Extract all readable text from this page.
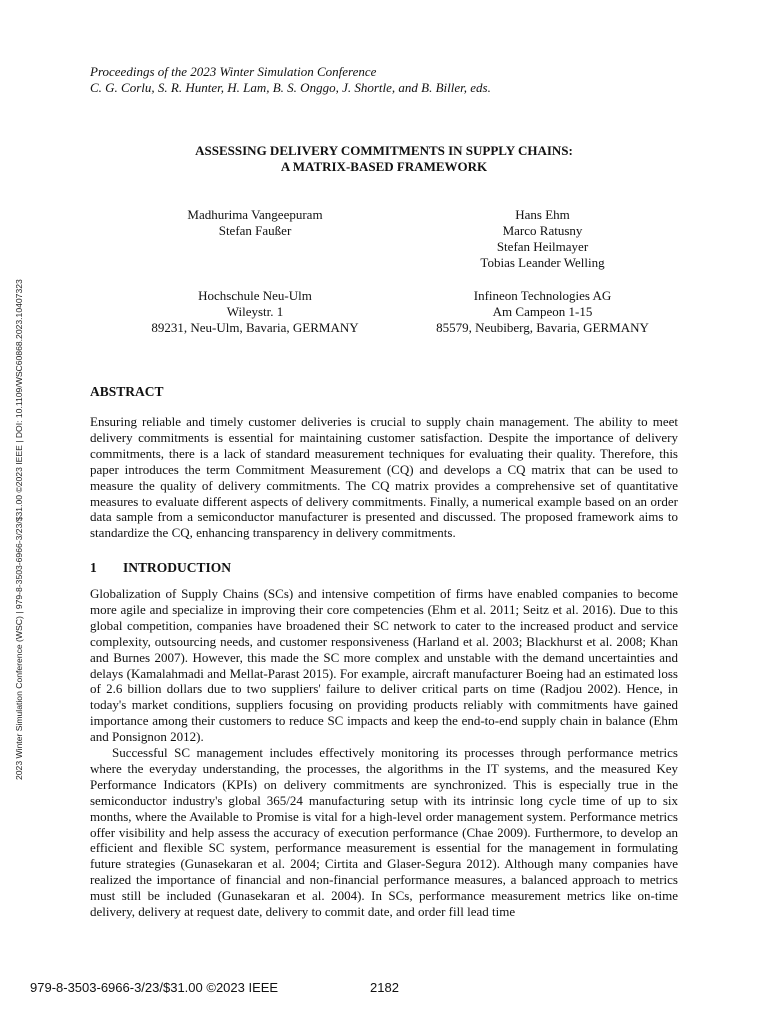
Proceedings of the 2023 Winter Simulation Conference
C. G. Corlu, S. R. Hunter, H. Lam, B. S. Onggo, J. Shortle, and B. Biller, eds.
ASSESSING DELIVERY COMMITMENTS IN SUPPLY CHAINS:
A MATRIX-BASED FRAMEWORK
Madhurima Vangeepuram
Stefan Faußer
Hans Ehm
Marco Ratusny
Stefan Heilmayer
Tobias Leander Welling
Hochschule Neu-Ulm
Wileystr. 1
89231, Neu-Ulm, Bavaria, GERMANY
Infineon Technologies AG
Am Campeon 1-15
85579, Neubiberg, Bavaria, GERMANY
ABSTRACT
Ensuring reliable and timely customer deliveries is crucial to supply chain management. The ability to meet delivery commitments is essential for maintaining customer satisfaction. Despite the importance of delivery commitments, there is a lack of standard measurement techniques for evaluating their quality. Therefore, this paper introduces the term Commitment Measurement (CQ) and develops a CQ matrix that can be used to measure the quality of delivery commitments. The CQ matrix provides a comprehensive set of quantitative measures to evaluate different aspects of delivery commitments. Finally, a numerical example based on an order data sample from a semiconductor manufacturer is presented and discussed. The proposed framework aims to standardize the CQ, enhancing transparency in delivery commitments.
1 INTRODUCTION
Globalization of Supply Chains (SCs) and intensive competition of firms have enabled companies to become more agile and specialize in improving their core competencies (Ehm et al. 2011; Seitz et al. 2016). Due to this global competition, companies have broadened their SC network to cater to the increased product and service complexity, outsourcing needs, and customer responsiveness (Harland et al. 2003; Blackhurst et al. 2008; Khan and Burnes 2007). However, this made the SC more complex and unstable with the demand uncertainties and delays (Kamalahmadi and Mellat-Parast 2015). For example, aircraft manufacturer Boeing had an estimated loss of 2.6 billion dollars due to two suppliers' failure to deliver critical parts on time (Radjou 2002). Hence, in today's market conditions, suppliers focusing on providing products reliably with commitments have gained importance among their customers to reduce SC impacts and keep the end-to-end supply chain in balance (Ehm and Ponsignon 2012).
Successful SC management includes effectively monitoring its processes through performance metrics where the everyday understanding, the processes, the algorithms in the IT systems, and the measured Key Performance Indicators (KPIs) on delivery commitments are synchronized. This is especially true in the semiconductor industry's global 365/24 manufacturing setup with its intrinsic long cycle time of up to six months, where the Available to Promise is vital for a high-level order management system. Performance metrics offer visibility and help assess the accuracy of execution performance (Chae 2009). Furthermore, to develop an efficient and flexible SC system, performance measurement is essential for the management in formulating future strategies (Gunasekaran et al. 2004; Cirtita and Glaser-Segura 2012). Although many companies have realized the importance of financial and non-financial performance measures, a balanced approach to metrics must still be included (Gunasekaran et al. 2004). In SCs, performance measurement metrics like on-time delivery, delivery at request date, delivery to commit date, and order fill lead time
2023 Winter Simulation Conference (WSC) | 979-8-3503-6966-3/23/$31.00 ©2023 IEEE | DOI: 10.1109/WSC60868.2023.10407323
979-8-3503-6966-3/23/$31.00 ©2023 IEEE	2182
